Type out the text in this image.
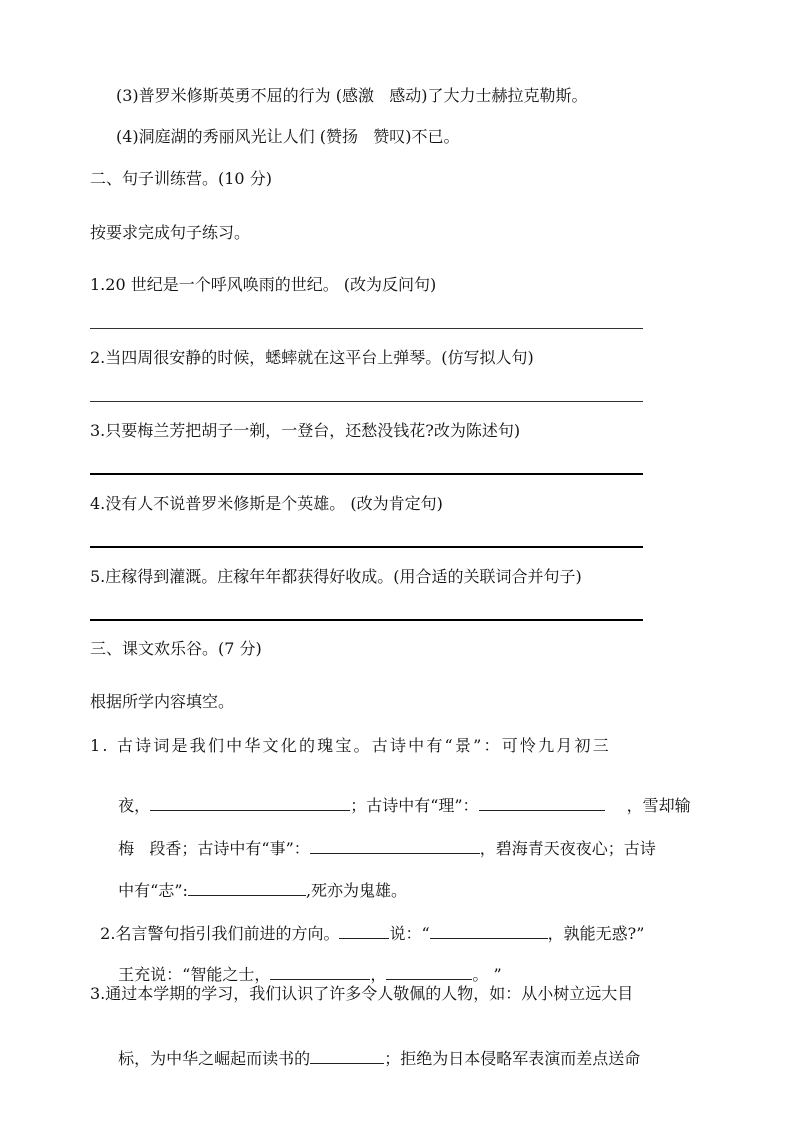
(3)普罗米修斯英勇不屈的行为 (感激   感动)了大力士赫拉克勒斯。
(4)洞庭湖的秀丽风光让人们 (赞扬   赞叹)不已。
二、句子训练营。(10 分)
按要求完成句子练习。
1.20 世纪是一个呼风唤雨的世纪。 (改为反问句)
2.当四周很安静的时候，蟋蟀就在这平台上弹琴。(仿写拟人句)
3.只要梅兰芳把胡子一剃，一登台，还愁没钱花?改为陈述句)
4.没有人不说普罗米修斯是个英雄。 (改为肯定句)
5.庄稼得到灌溉。庄稼年年都获得好收成。(用合适的关联词合并句子)
三、课文欢乐谷。(7 分)
根据所学内容填空。
1. 古诗词是我们中华文化的瑰宝。古诗中有“景”：可怜九月初三

夜，	；古诗中有“理”：	，雪却输

梅   段香；古诗中有“事”：	，碧海青天夜夜心；古诗

中有“志”:	,死亦为鬼雄。

2.名言警句指引我们前进的方向。	说：“	，孰能无惑?”

王充说：“智能之士，	，	。 ”

3.通过本学期的学习，我们认识了许多令人敬佩的人物，如：从小树立远大目

标，为中华之崛起而读书的	；拒绝为日本侵略军表演而差点送命
